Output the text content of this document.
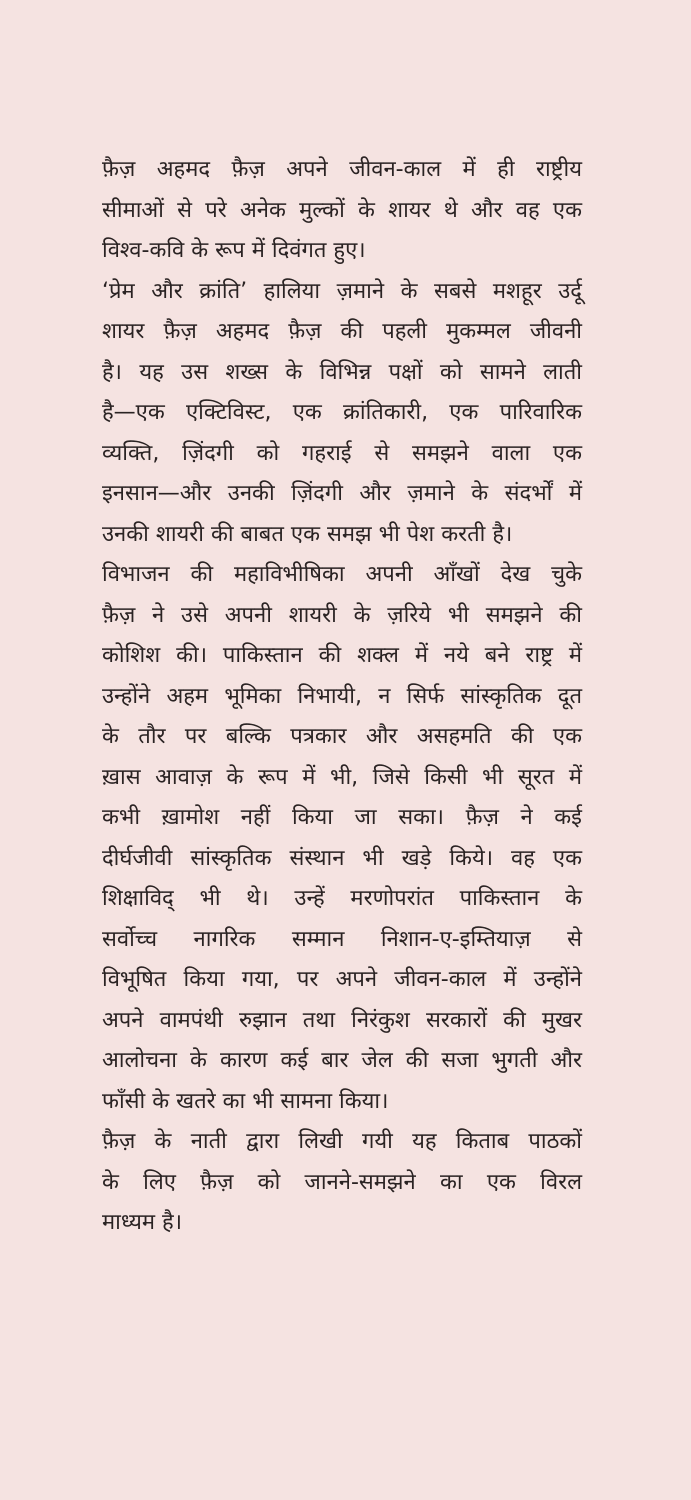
फ़ैज़ अहमद फ़ैज़ अपने जीवन-काल में ही राष्ट्रीय
सीमाओं से परे अनेक मुल्कों के शायर थे और वह एक
विश्व-कवि के रूप में दिवंगत हुए।
‘प्रेम और क्रांति’ हालिया ज़माने के सबसे मशहूर उर्दू
शायर फ़ैज़ अहमद फ़ैज़ की पहली मुकम्मल जीवनी
है। यह उस शख्स के विभिन्न पक्षों को सामने लाती
है—एक एक्टिविस्ट, एक क्रांतिकारी, एक पारिवारिक
व्यक्ति, ज़िंदगी को गहराई से समझने वाला एक
इनसान—और उनकी ज़िंदगी और ज़माने के संदर्भों में
उनकी शायरी की बाबत एक समझ भी पेश करती है।
विभाजन की महाविभीषिका अपनी आँखों देख चुके
फ़ैज़ ने उसे अपनी शायरी के ज़रिये भी समझने की
कोशिश की। पाकिस्तान की शक्ल में नये बने राष्ट्र में
उन्होंने अहम भूमिका निभायी, न सिर्फ सांस्कृतिक दूत
के तौर पर बल्कि पत्रकार और असहमति की एक
ख़ास आवाज़ के रूप में भी, जिसे किसी भी सूरत में
कभी ख़ामोश नहीं किया जा सका। फ़ैज़ ने कई
दीर्घजीवी सांस्कृतिक संस्थान भी खड़े किये। वह एक
शिक्षाविद् भी थे। उन्हें मरणोपरांत पाकिस्तान के
सर्वोच्च नागरिक सम्मान निशान-ए-इम्तियाज़ से
विभूषित किया गया, पर अपने जीवन-काल में उन्होंने
अपने वामपंथी रुझान तथा निरंकुश सरकारों की मुखर
आलोचना के कारण कई बार जेल की सजा भुगती और
फाँसी के खतरे का भी सामना किया।
फ़ैज़ के नाती द्वारा लिखी गयी यह किताब पाठकों
के लिए फ़ैज़ को जानने-समझने का एक विरल
माध्यम है।
